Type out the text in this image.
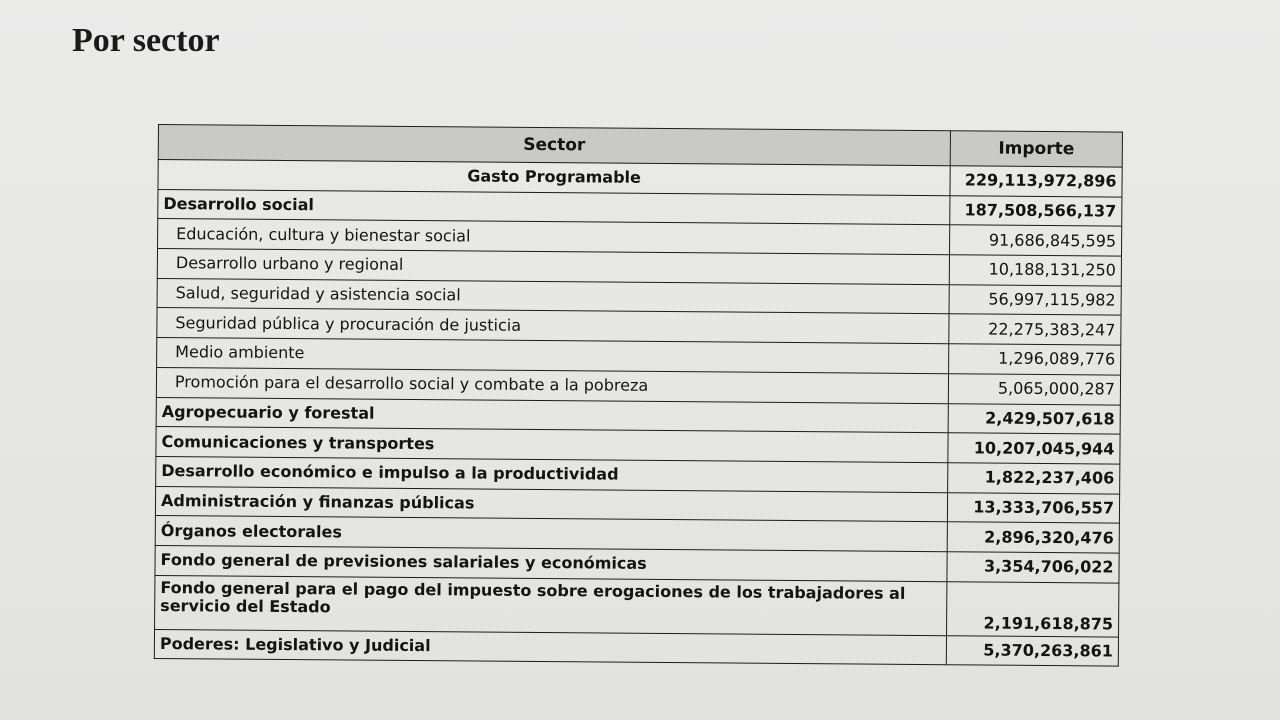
Por sector
Sector	Importe
Gasto Programable	229,113,972,896
Desarrollo social	187,508,566,137
Educación, cultura y bienestar social	91,686,845,595
Desarrollo urbano y regional	10,188,131,250
Salud, seguridad y asistencia social	56,997,115,982
Seguridad pública y procuración de justicia	22,275,383,247
Medio ambiente	1,296,089,776
Promoción para el desarrollo social y combate a la pobreza	5,065,000,287
Agropecuario y forestal	2,429,507,618
Comunicaciones y transportes	10,207,045,944
Desarrollo económico e impulso a la productividad	1,822,237,406
Administración y finanzas públicas	13,333,706,557
Órganos electorales	2,896,320,476
Fondo general de previsiones salariales y económicas	3,354,706,022
Fondo general para el pago del impuesto sobre erogaciones de los trabajadores al servicio del Estado	2,191,618,875
Poderes: Legislativo y Judicial	5,370,263,861
